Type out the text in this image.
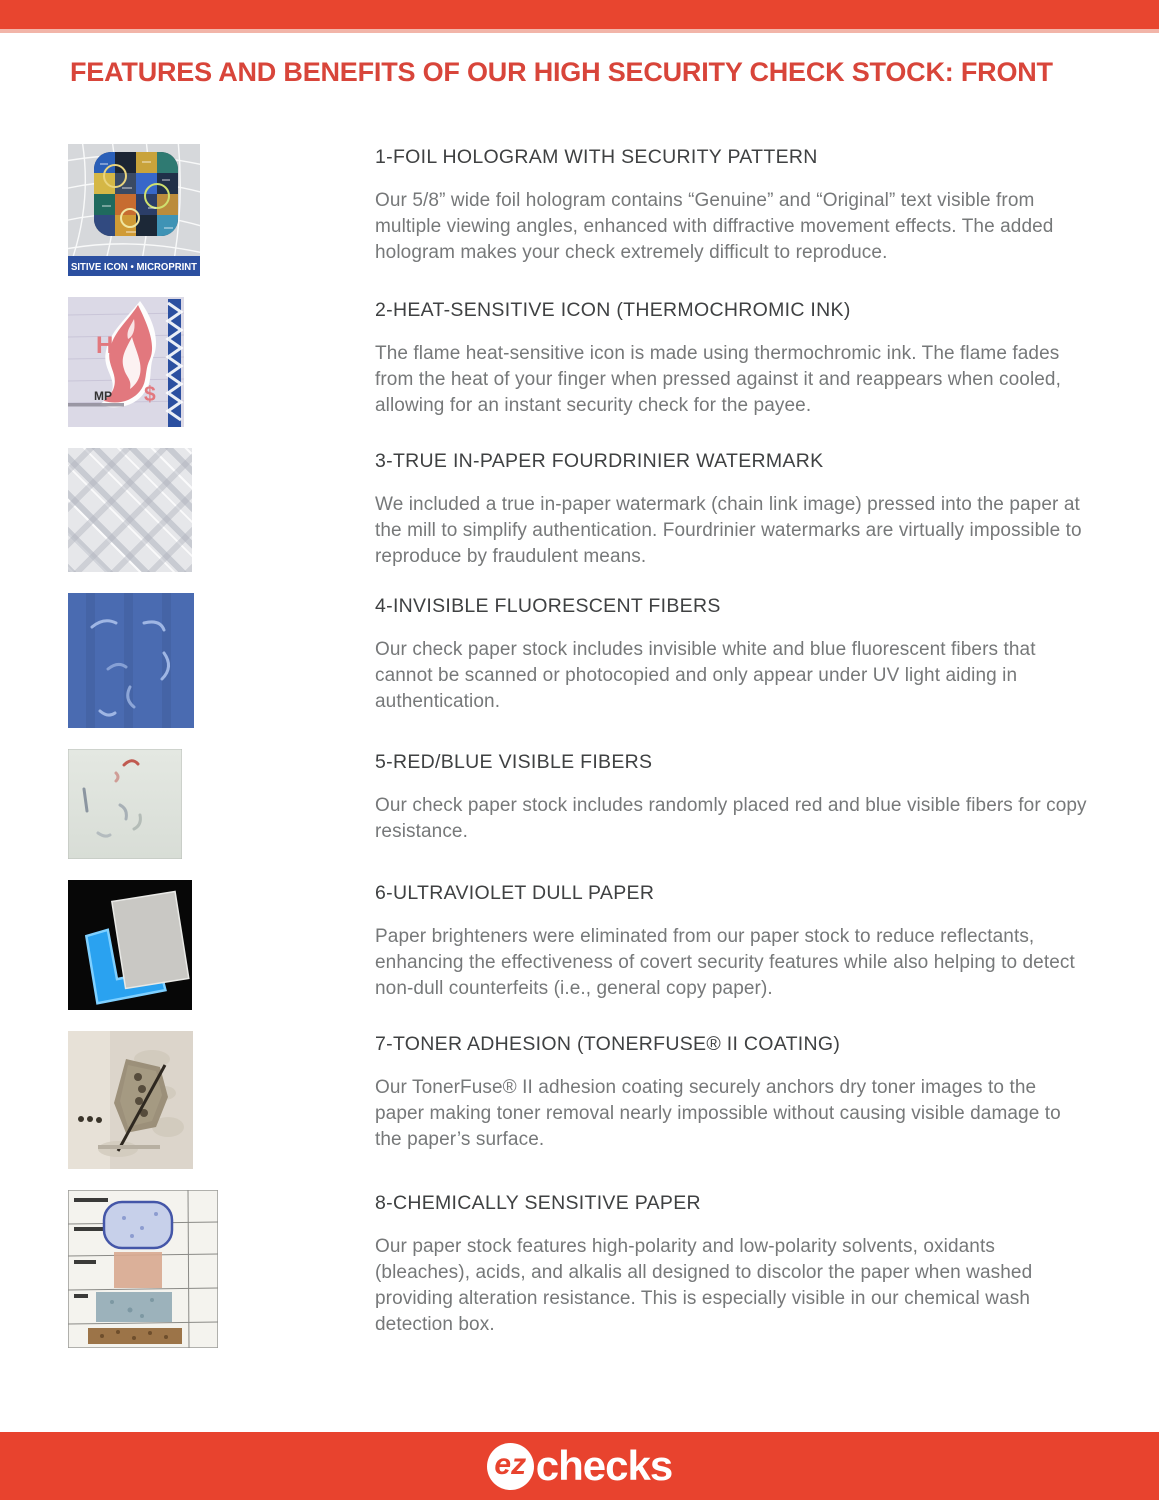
FEATURES AND BENEFITS OF OUR HIGH SECURITY CHECK STOCK: FRONT
SITIVE ICON • MICROPRINT
1-FOIL HOLOGRAM WITH SECURITY PATTERN

Our 5/8” wide foil hologram contains “Genuine” and “Original” text visible from multiple viewing angles, enhanced with diffractive movement effects. The added hologram makes your check extremely difficult to reproduce.

H
$
MP
2-HEAT-SENSITIVE ICON (THERMOCHROMIC INK)

The flame heat-sensitive icon is made using thermochromic ink. The flame fades from the heat of your finger when pressed against it and reappears when cooled, allowing for an instant security check for the payee.

3-TRUE IN-PAPER FOURDRINIER WATERMARK

We included a true in-paper watermark (chain link image) pressed into the paper at the mill to simplify authentication. Fourdrinier watermarks are virtually impossible to reproduce by fraudulent means.

4-INVISIBLE FLUORESCENT FIBERS

Our check paper stock includes invisible white and blue fluorescent fibers that cannot be scanned or photocopied and only appear under UV light aiding in authentication.

5-RED/BLUE VISIBLE FIBERS

Our check paper stock includes randomly placed red and blue visible fibers for copy resistance.

6-ULTRAVIOLET DULL PAPER

Paper brighteners were eliminated from our paper stock to reduce reflectants, enhancing the effectiveness of covert security features while also helping to detect non-dull counterfeits (i.e., general copy paper).

7-TONER ADHESION (TONERFUSE® II COATING)

Our TonerFuse® II adhesion coating securely anchors dry toner images to the paper making toner removal nearly impossible without causing visible damage to the paper’s surface.

8-CHEMICALLY SENSITIVE PAPER

Our paper stock features high-polarity and low-polarity solvents, oxidants (bleaches), acids, and alkalis all designed to discolor the paper when washed providing alteration resistance. This is especially visible in our chemical wash detection box.

ez checks
